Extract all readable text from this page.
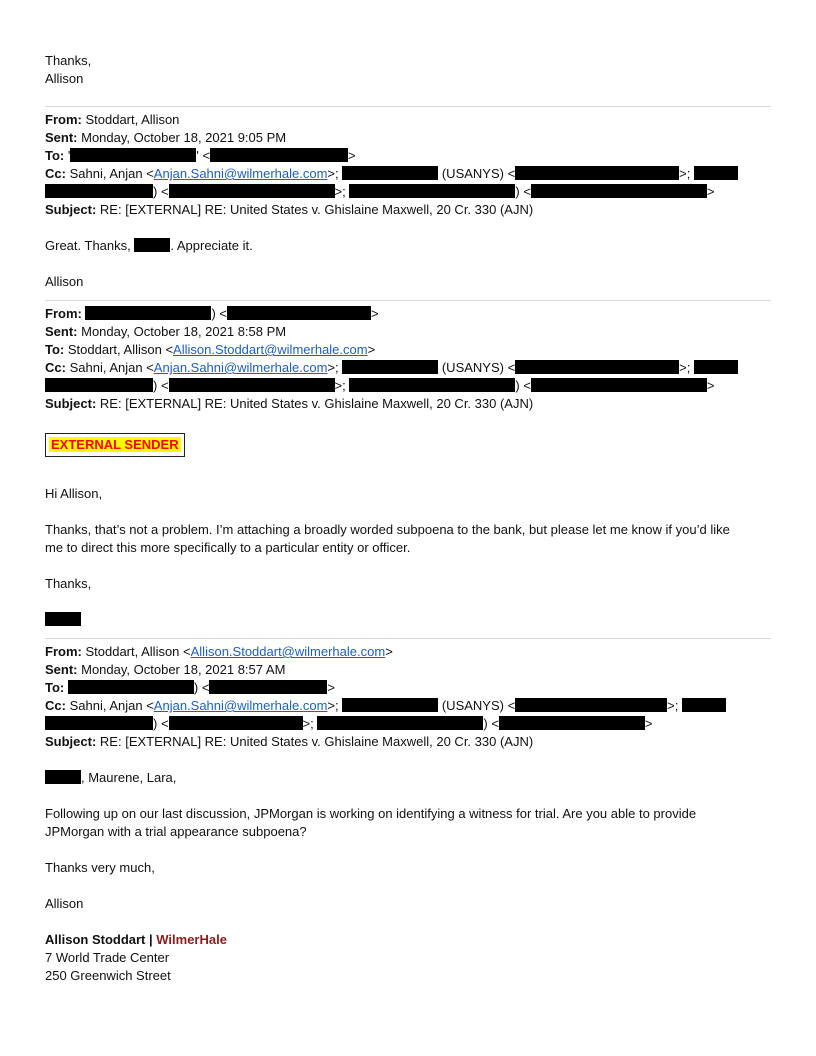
Thanks,
Allison
From: Stoddart, Allison
Sent: Monday, October 18, 2021 9:05 PM
To: '	' <	>
Cc: Sahni, Anjan <Anjan.Sahni@wilmerhale.com>;	(USANYS) <	>;
) <	>;	) <	>
Subject: RE: [EXTERNAL] RE: United States v. Ghislaine Maxwell, 20 Cr. 330 (AJN)
Great. Thanks,	. Appreciate it.
Allison
From:	) <	>
Sent: Monday, October 18, 2021 8:58 PM
To: Stoddart, Allison <Allison.Stoddart@wilmerhale.com>
Cc: Sahni, Anjan <Anjan.Sahni@wilmerhale.com>;	(USANYS) <	>;
) <	>;	) <	>
Subject: RE: [EXTERNAL] RE: United States v. Ghislaine Maxwell, 20 Cr. 330 (AJN)
EXTERNAL SENDER
Hi Allison,
Thanks, that’s not a problem. I’m attaching a broadly worded subpoena to the bank, but please let me know if you’d like
me to direct this more specifically to a particular entity or officer.
Thanks,
From: Stoddart, Allison <Allison.Stoddart@wilmerhale.com>
Sent: Monday, October 18, 2021 8:57 AM
To:	) <	>
Cc: Sahni, Anjan <Anjan.Sahni@wilmerhale.com>;	(USANYS) <	>;
) <	>;	) <	>
Subject: RE: [EXTERNAL] RE: United States v. Ghislaine Maxwell, 20 Cr. 330 (AJN)
, Maurene, Lara,
Following up on our last discussion, JPMorgan is working on identifying a witness for trial. Are you able to provide
JPMorgan with a trial appearance subpoena?
Thanks very much,
Allison
Allison Stoddart | WilmerHale
7 World Trade Center
250 Greenwich Street
